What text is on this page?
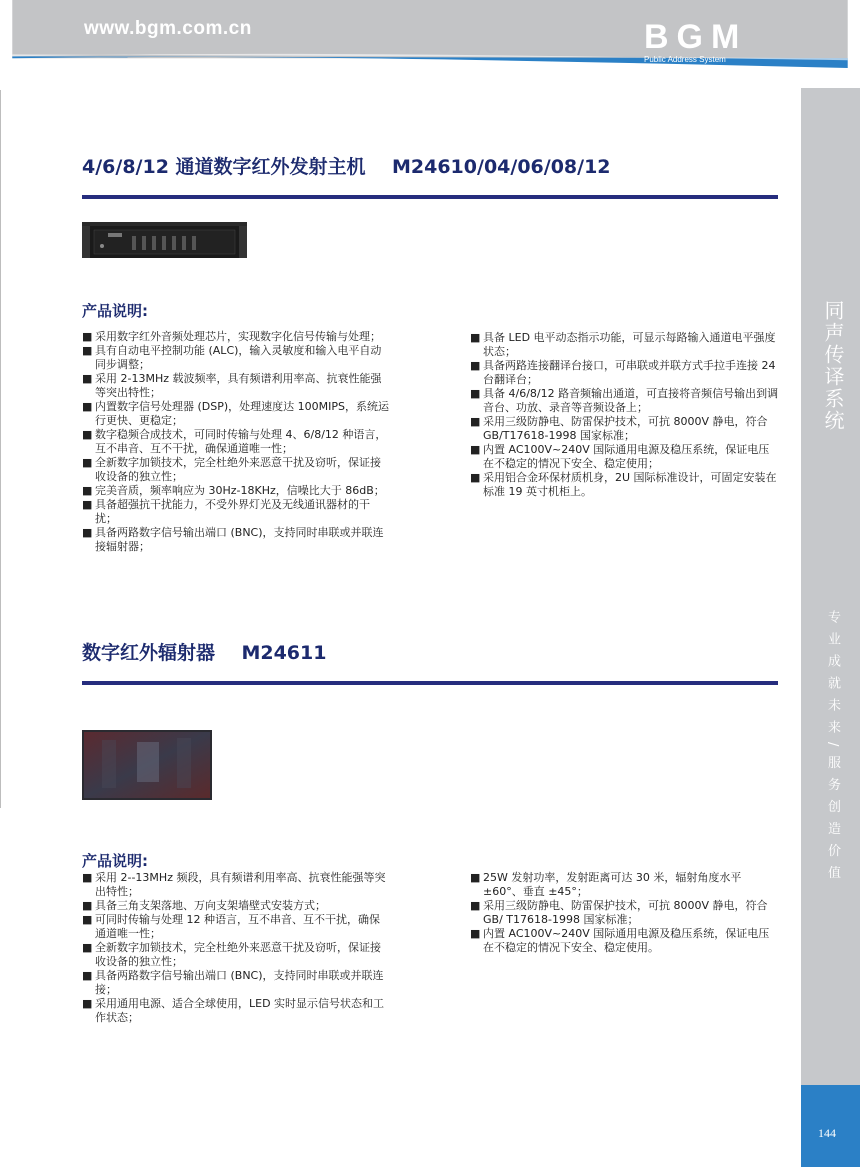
www.bgm.com.cn	BGM
Public Address System
同声传译系统
专业成就未来/服务创造价值
144
4/6/8/12 通道数字红外发射主机    M24610/04/06/08/12
产品说明:
■ 采用数字红外音频处理芯片，实现数字化信号传输与处理；
■ 具有自动电平控制功能 (ALC)，输入灵敏度和输入电平自动同步调整；
■ 采用 2-13MHz 载波频率，具有频谱利用率高、抗衰性能强等突出特性；
■ 内置数字信号处理器 (DSP)，处理速度达 100MIPS，系统运行更快、更稳定；
■ 数字稳频合成技术，可同时传输与处理 4、6/8/12 种语言，互不串音、互不干扰，确保通道唯一性；
■ 全新数字加锁技术，完全杜绝外来恶意干扰及窃听，保证接收设备的独立性；
■ 完美音质，频率响应为 30Hz-18KHz，信噪比大于 86dB；
■ 具备超强抗干扰能力，不受外界灯光及无线通讯器材的干扰；
■ 具备两路数字信号输出端口 (BNC)，支持同时串联或并联连接辐射器；
■ 具备 LED 电平动态指示功能，可显示每路输入通道电平强度状态；
■ 具备两路连接翻译台接口，可串联或并联方式手拉手连接 24 台翻译台；
■ 具备 4/6/8/12 路音频输出通道，可直接将音频信号输出到调音台、功放、录音等音频设备上；
■ 采用三级防静电、防雷保护技术，可抗 8000V 静电，符合 GB/T17618-1998 国家标准；
■ 内置 AC100V~240V 国际通用电源及稳压系统，保证电压在不稳定的情况下安全、稳定使用；
■ 采用铝合金环保材质机身，2U 国际标准设计，可固定安装在标准 19 英寸机柜上。
数字红外辐射器    M24611
产品说明:
■ 采用 2--13MHz 频段，具有频谱利用率高、抗衰性能强等突出特性；
■ 具备三角支架落地、万向支架墙壁式安装方式；
■ 可同时传输与处理 12 种语言，互不串音、互不干扰，确保通道唯一性；
■ 全新数字加锁技术，完全杜绝外来恶意干扰及窃听，保证接收设备的独立性；
■ 具备两路数字信号输出端口 (BNC)，支持同时串联或并联连接；
■ 采用通用电源、适合全球使用，LED 实时显示信号状态和工作状态；
■ 25W 发射功率，发射距离可达 30 米，辐射角度水平 ±60°、垂直 ±45°；
■ 采用三级防静电、防雷保护技术，可抗 8000V 静电，符合 GB/ T17618-1998 国家标准；
■ 内置 AC100V~240V 国际通用电源及稳压系统，保证电压在不稳定的情况下安全、稳定使用。
